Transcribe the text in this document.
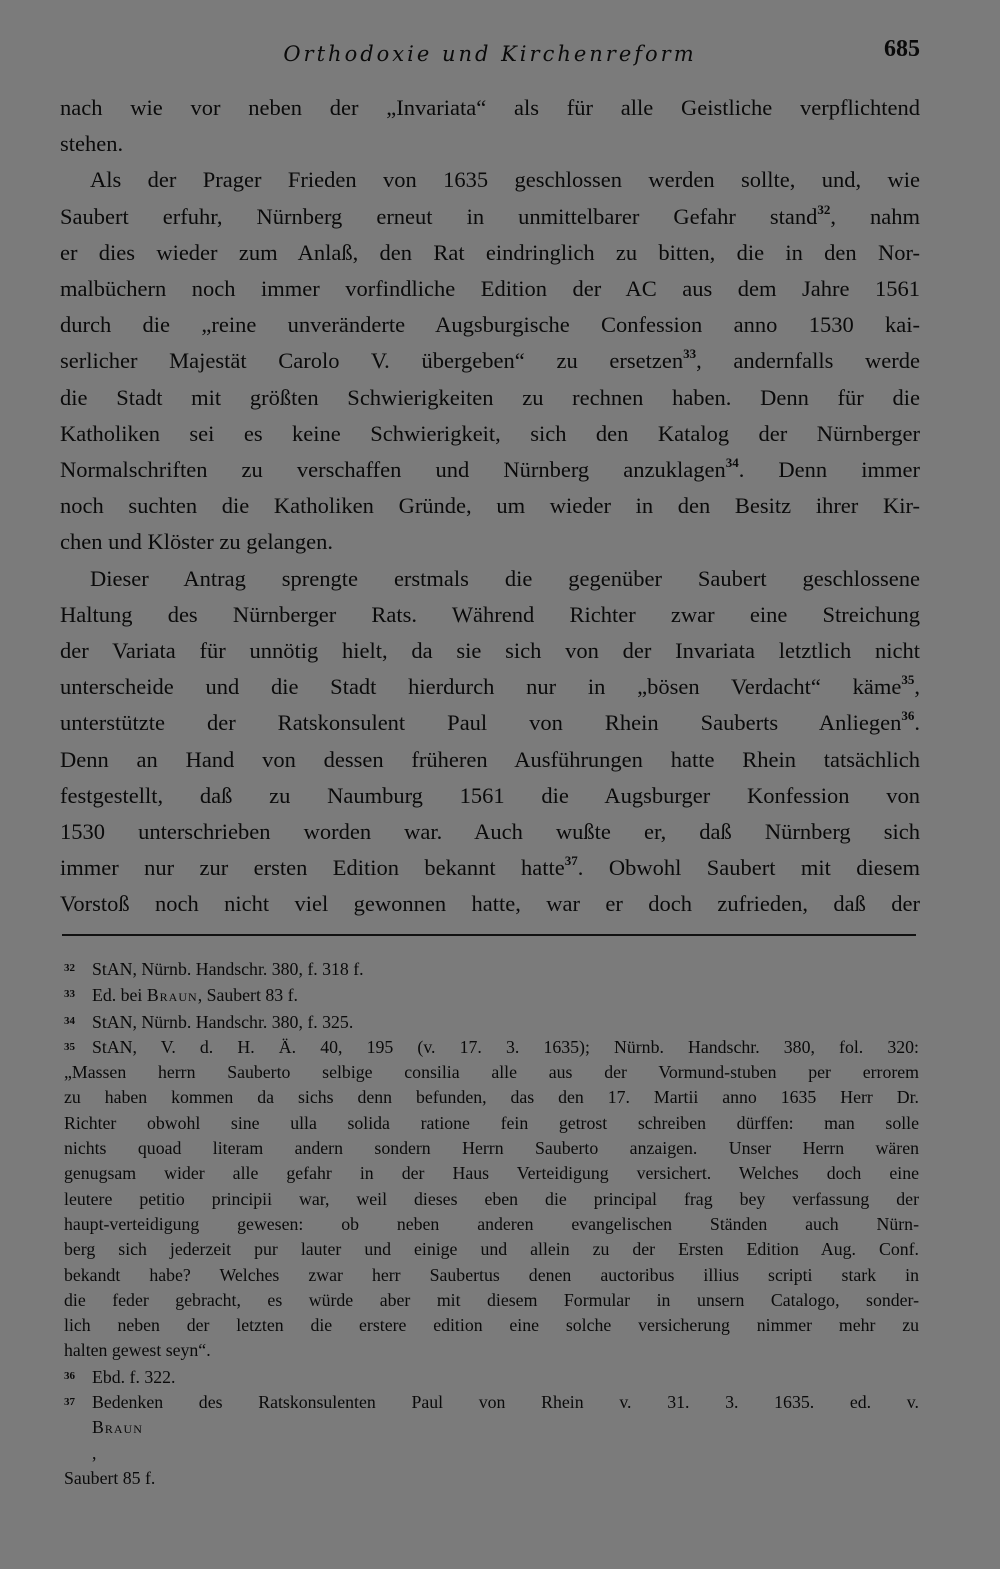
Orthodoxie und Kirchenreform	685

nach wie vor neben der „Invariata“ als für alle Geistliche verpflichtend
stehen.

Als der Prager Frieden von 1635 geschlossen werden sollte, und, wie
Saubert erfuhr, Nürnberg erneut in unmittelbarer Gefahr stand$^{32}$, nahm
er dies wieder zum Anlaß, den Rat eindringlich zu bitten, die in den Nor-
malbüchern noch immer vorfindliche Edition der AC aus dem Jahre 1561
durch die „reine unveränderte Augsburgische Confession anno 1530 kai-
serlicher Majestät Carolo V. übergeben“ zu ersetzen$^{33}$, andernfalls werde
die Stadt mit größten Schwierigkeiten zu rechnen haben. Denn für die
Katholiken sei es keine Schwierigkeit, sich den Katalog der Nürnberger
Normalschriften zu verschaffen und Nürnberg anzuklagen$^{34}$. Denn immer
noch suchten die Katholiken Gründe, um wieder in den Besitz ihrer Kir-
chen und Klöster zu gelangen.

Dieser Antrag sprengte erstmals die gegenüber Saubert geschlossene
Haltung des Nürnberger Rats. Während Richter zwar eine Streichung
der Variata für unnötig hielt, da sie sich von der Invariata letztlich nicht
unterscheide und die Stadt hierdurch nur in „bösen Verdacht“ käme$^{35}$,
unterstützte der Ratskonsulent Paul von Rhein Sauberts Anliegen$^{36}$.
Denn an Hand von dessen früheren Ausführungen hatte Rhein tatsächlich
festgestellt, daß zu Naumburg 1561 die Augsburger Konfession von
1530 unterschrieben worden war. Auch wußte er, daß Nürnberg sich
immer nur zur ersten Edition bekannt hatte$^{37}$. Obwohl Saubert mit diesem
Vorstoß noch nicht viel gewonnen hatte, war er doch zufrieden, daß der

32 StAN, Nürnb. Handschr. 380, f. 318 f.

33 Ed. bei Braun, Saubert 83 f.

34 StAN, Nürnb. Handschr. 380, f. 325.

35 StAN, V. d. H. Ä. 40, 195 (v. 17. 3. 1635); Nürnb. Handschr. 380, fol. 320:
„Massen herrn Sauberto selbige consilia alle aus der Vormund-stuben per errorem
zu haben kommen da sichs denn befunden, das den 17. Martii anno 1635 Herr Dr.
Richter obwohl sine ulla solida ratione fein getrost schreiben dürffen: man solle
nichts quoad literam andern sondern Herrn Sauberto anzaigen. Unser Herrn wären
genugsam wider alle gefahr in der Haus Verteidigung versichert. Welches doch eine
leutere petitio principii war, weil dieses eben die principal frag bey verfassung der
haupt-verteidigung gewesen: ob neben anderen evangelischen Ständen auch Nürn-
berg sich jederzeit pur lauter und einige und allein zu der Ersten Edition Aug. Conf.
bekandt habe? Welches zwar herr Saubertus denen auctoribus illius scripti stark in
die feder gebracht, es würde aber mit diesem Formular in unsern Catalogo, sonder-
lich neben der letzten die erstere edition eine solche versicherung nimmer mehr zu
halten gewest seyn“.

36 Ebd. f. 322.

37 Bedenken des Ratskonsulenten Paul von Rhein v. 31. 3. 1635. ed. v.
Braun
,
Saubert 85 f.
